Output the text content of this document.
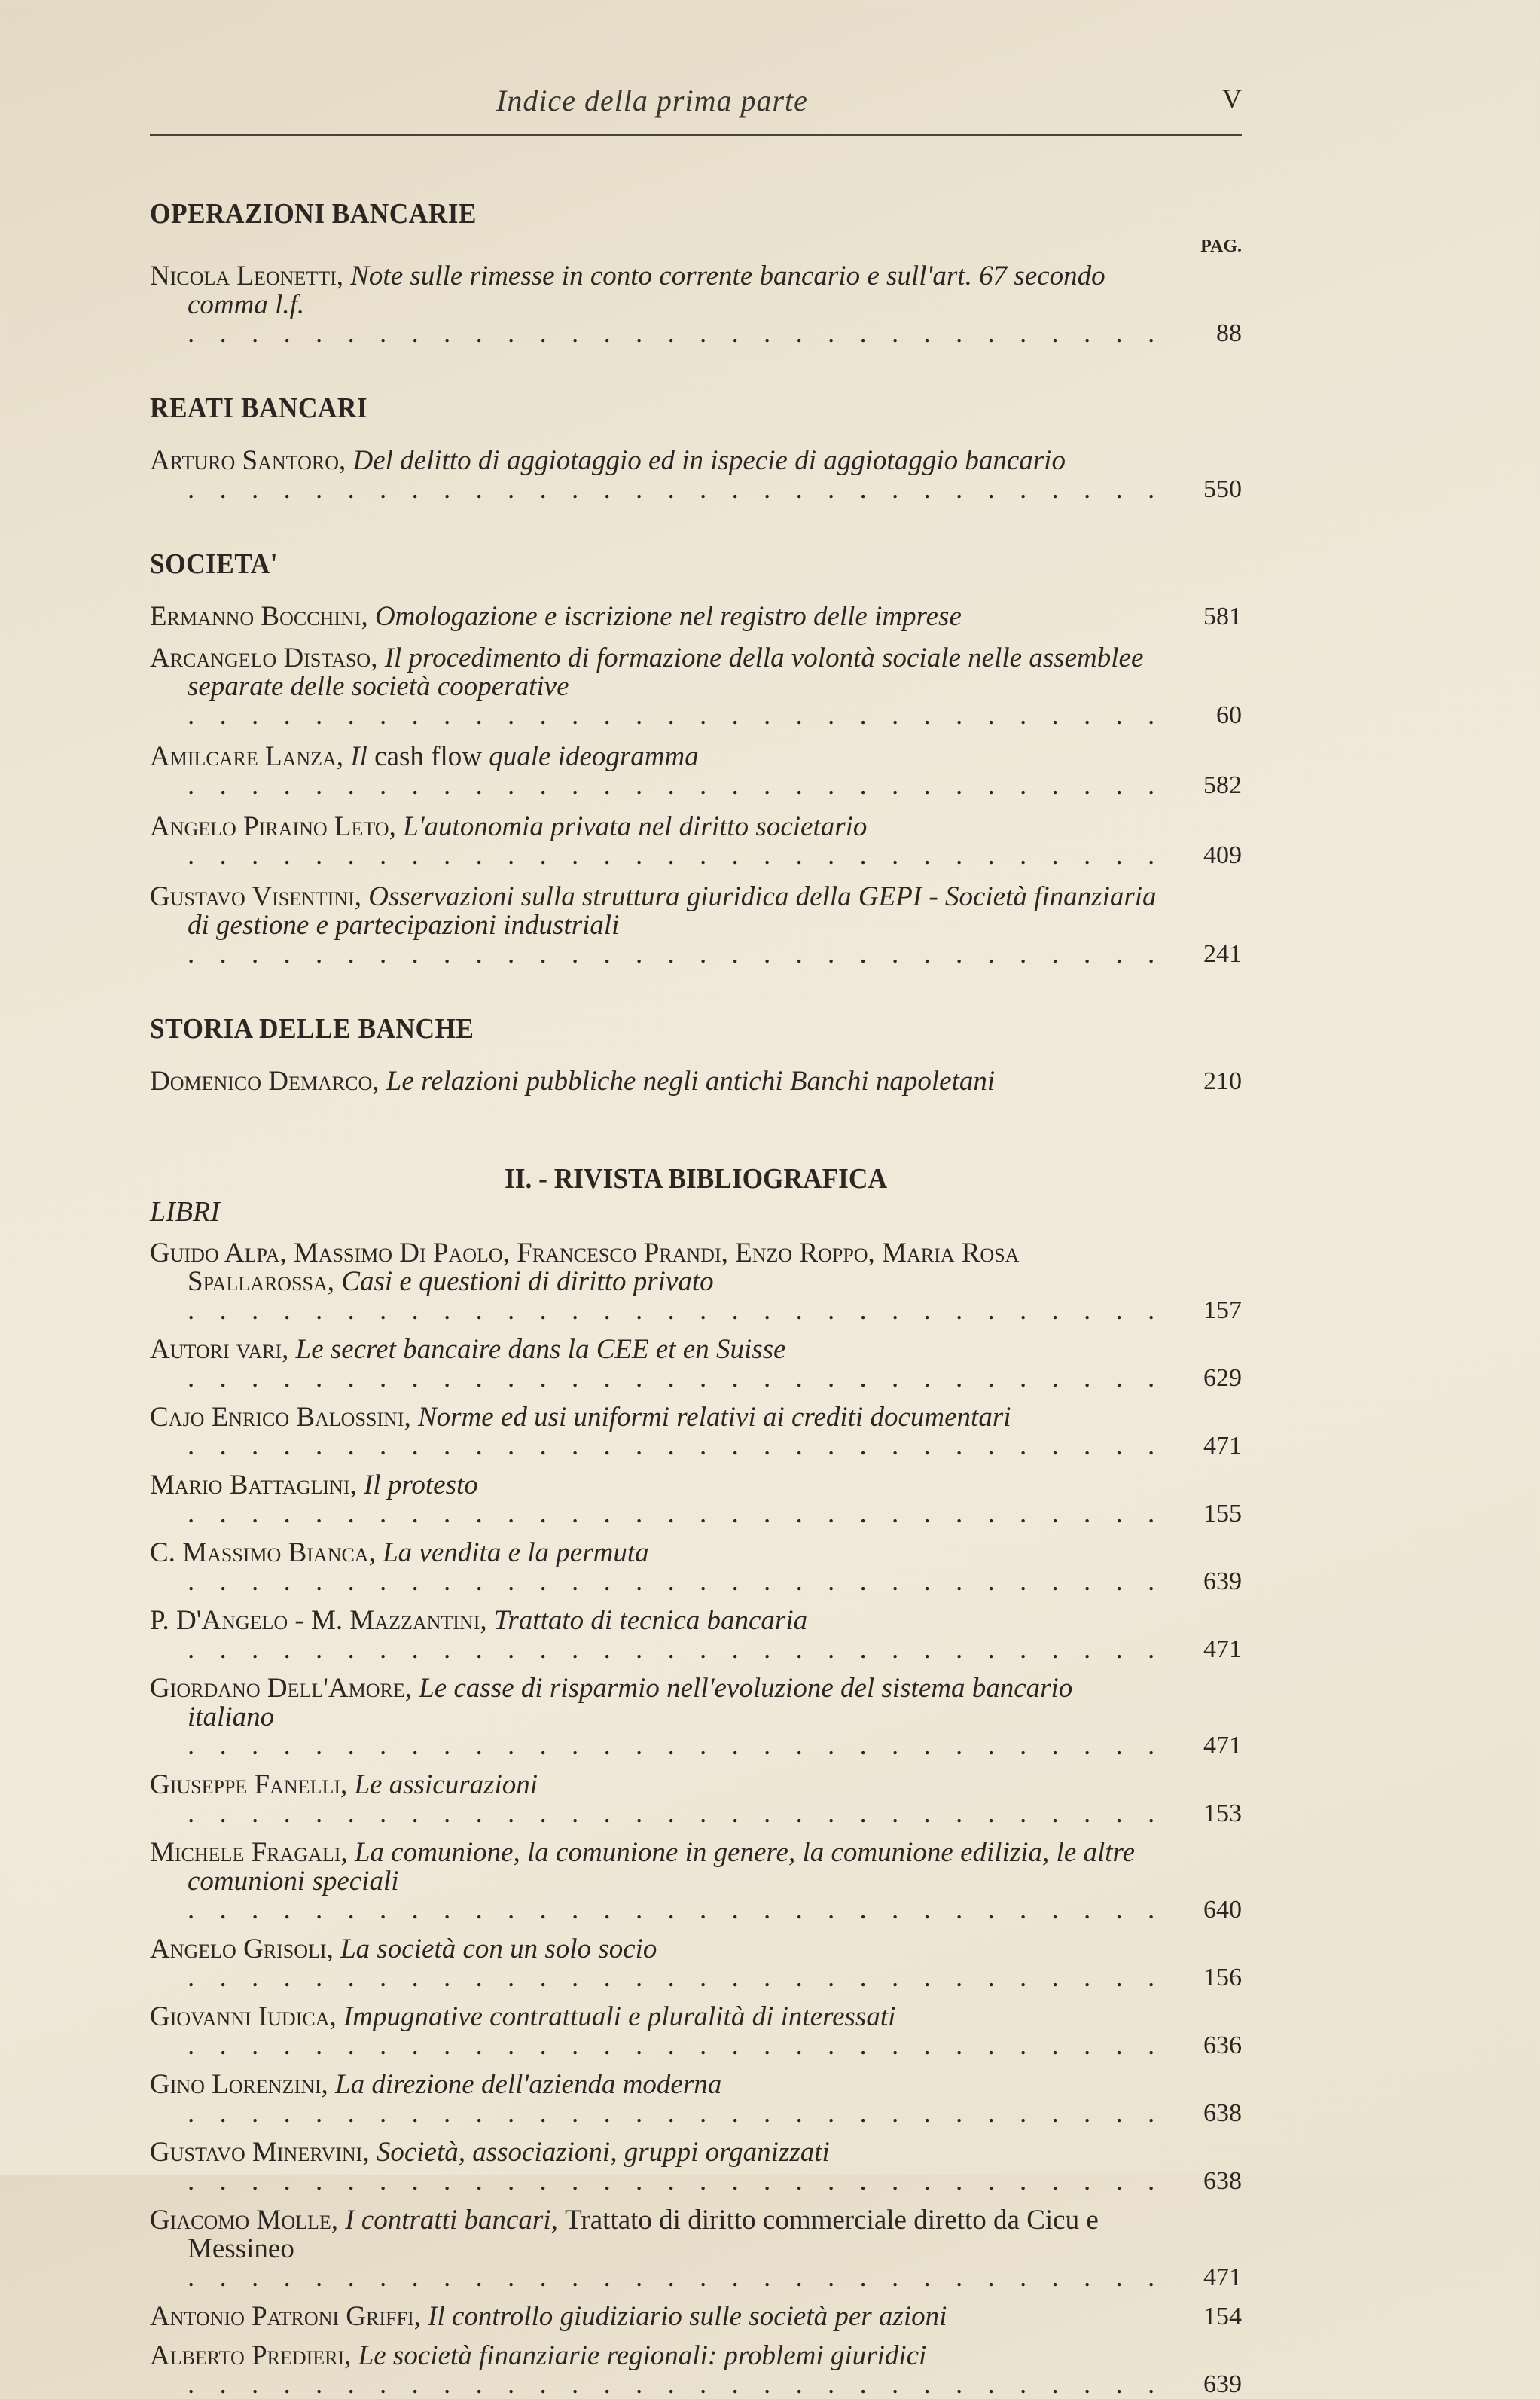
Indice della prima parte	V
OPERAZIONI BANCARIE
PAG.
Nicola Leonetti, Note sulle rimesse in conto corrente bancario e sull'art. 67 secondo comma l.f. . . .
88
REATI BANCARI
Arturo Santoro, Del delitto di aggiotaggio ed in ispecie di aggiotaggio bancario . . .
550
SOCIETA'
Ermanno Bocchini, Omologazione e iscrizione nel registro delle imprese	581
Arcangelo Distaso, Il procedimento di formazione della volontà sociale nelle assemblee separate delle società cooperative . . .
60
Amilcare Lanza, Il cash flow quale ideogramma . . .
582
Angelo Piraino Leto, L'autonomia privata nel diritto societario . . .
409
Gustavo Visentini, Osservazioni sulla struttura giuridica della GEPI - Società finanziaria di gestione e partecipazioni industriali . . .
241
STORIA DELLE BANCHE
Domenico Demarco, Le relazioni pubbliche negli antichi Banchi napoletani	210
II. - RIVISTA BIBLIOGRAFICA
LIBRI
Guido Alpa, Massimo Di Paolo, Francesco Prandi, Enzo Roppo, Maria Rosa Spallarossa, Casi e questioni di diritto privato . . .
157
Autori vari, Le secret bancaire dans la CEE et en Suisse . . .
629
Cajo Enrico Balossini, Norme ed usi uniformi relativi ai crediti documentari . . .
471
Mario Battaglini, Il protesto . . .
155
C. Massimo Bianca, La vendita e la permuta . . .
639
P. D'Angelo - M. Mazzantini, Trattato di tecnica bancaria . . .
471
Giordano Dell'Amore, Le casse di risparmio nell'evoluzione del sistema bancario italiano . . .
471
Giuseppe Fanelli, Le assicurazioni . . .
153
Michele Fragali, La comunione, la comunione in genere, la comunione edilizia, le altre comunioni speciali . . .
640
Angelo Grisoli, La società con un solo socio . . .
156
Giovanni Iudica, Impugnative contrattuali e pluralità di interessati . . .
636
Gino Lorenzini, La direzione dell'azienda moderna . . .
638
Gustavo Minervini, Società, associazioni, gruppi organizzati . . .
638
Giacomo Molle, I contratti bancari, Trattato di diritto commerciale diretto da Cicu e Messineo . . .
471
Antonio Patroni Griffi, Il controllo giudiziario sulle società per azioni	154
Alberto Predieri, Le società finanziarie regionali: problemi giuridici . . .
639
